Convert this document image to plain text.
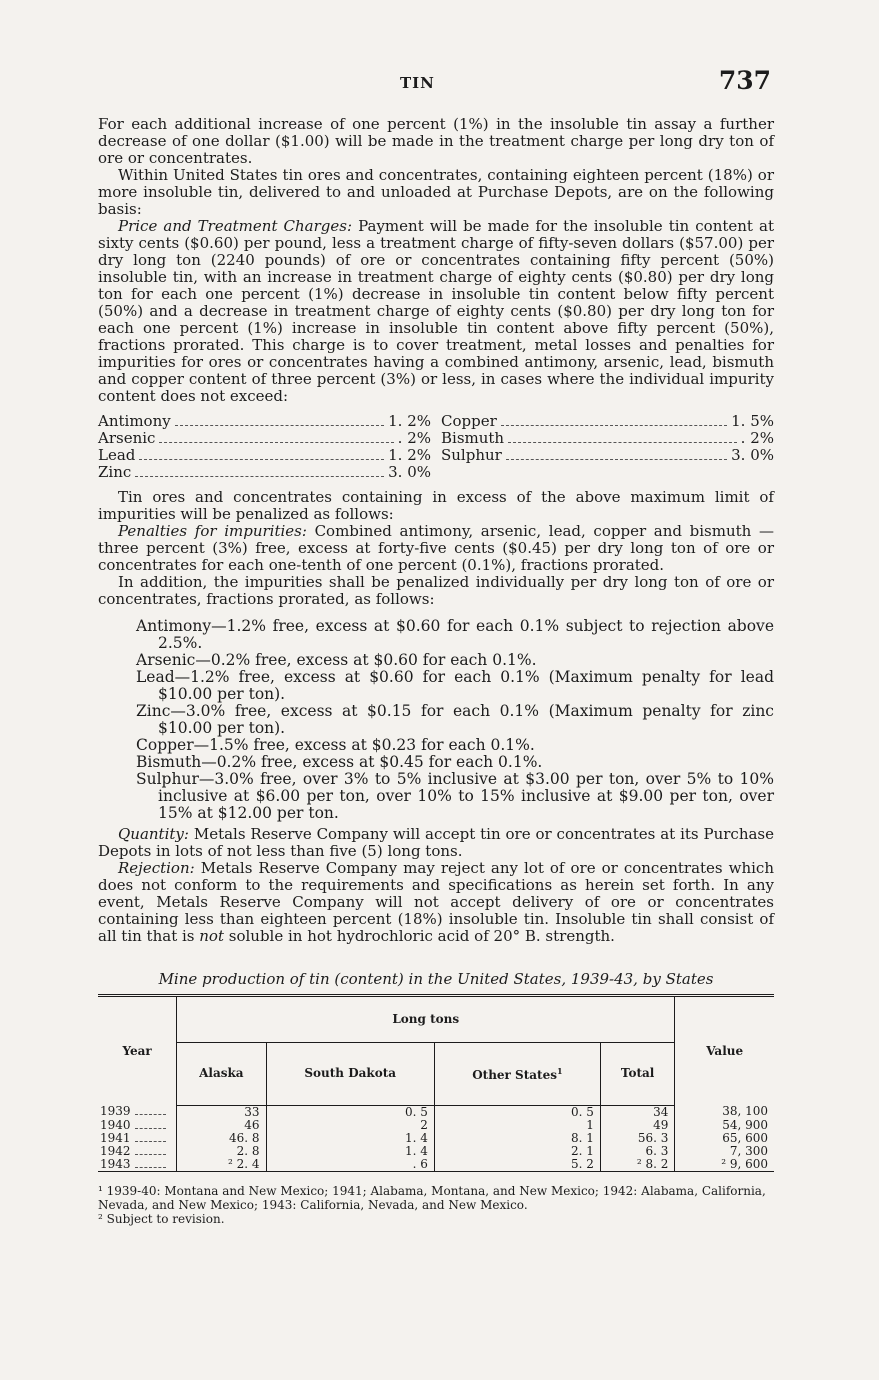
TIN	737

For each additional increase of one percent (1%) in the insoluble tin assay a further decrease of one dollar ($1.00) will be made in the treatment charge per long dry ton of ore or concentrates.

Within United States tin ores and concentrates, containing eighteen percent (18%) or more insoluble tin, delivered to and unloaded at Purchase Depots, are on the following basis:

Price and Treatment Charges: Payment will be made for the insoluble tin content at sixty cents ($0.60) per pound, less a treatment charge of fifty-seven dollars ($57.00) per dry long ton (2240 pounds) of ore or concentrates containing fifty percent (50%) insoluble tin, with an increase in treatment charge of eighty cents ($0.80) per dry long ton for each one percent (1%) decrease in insoluble tin content below fifty percent (50%) and a decrease in treatment charge of eighty cents ($0.80) per dry long ton for each one percent (1%) increase in insoluble tin content above fifty percent (50%), fractions prorated. This charge is to cover treatment, metal losses and penalties for impurities for ores or concentrates having a combined antimony, arsenic, lead, bismuth and copper content of three percent (3%) or less, in cases where the individual impurity content does not exceed:

Antimony	1. 2% Copper	1. 5%
Arsenic	. 2% Bismuth	. 2%
Lead	1. 2% Sulphur	3. 0%
Zinc	3. 0%

Tin ores and concentrates containing in excess of the above maximum limit of impurities will be penalized as follows:

Penalties for impurities: Combined antimony, arsenic, lead, copper and bismuth —three percent (3%) free, excess at forty-five cents ($0.45) per dry long ton of ore or concentrates for each one-tenth of one percent (0.1%), fractions prorated.

In addition, the impurities shall be penalized individually per dry long ton of ore or concentrates, fractions prorated, as follows:

Antimony—1.2% free, excess at $0.60 for each 0.1% subject to rejection above 2.5%.

Arsenic—0.2% free, excess at $0.60 for each 0.1%.

Lead—1.2% free, excess at $0.60 for each 0.1% (Maximum penalty for lead $10.00 per ton).

Zinc—3.0% free, excess at $0.15 for each 0.1% (Maximum penalty for zinc $10.00 per ton).

Copper—1.5% free, excess at $0.23 for each 0.1%.

Bismuth—0.2% free, excess at $0.45 for each 0.1%.

Sulphur—3.0% free, over 3% to 5% inclusive at $3.00 per ton, over 5% to 10% inclusive at $6.00 per ton, over 10% to 15% inclusive at $9.00 per ton, over 15% at $12.00 per ton.

Quantity: Metals Reserve Company will accept tin ore or concentrates at its Purchase Depots in lots of not less than five (5) long tons.

Rejection: Metals Reserve Company may reject any lot of ore or concentrates which does not conform to the requirements and specifications as herein set forth. In any event, Metals Reserve Company will not accept delivery of ore or concentrates containing less than eighteen percent (18%) insoluble tin. Insoluble tin shall consist of all tin that is not soluble in hot hydrochloric acid of 20° B. strength.

Mine production of tin (content) in the United States, 1939-43, by States
Year	Long tons				Value
	Alaska	South Dakota	Other States$^1$	Total	

1939	33	0. 5	0. 5	34	38, 100

1940	46	2	1	49	54, 900

1941	46. 8	1. 4	8. 1	56. 3	65, 600

1942	2. 8	1. 4	2. 1	6. 3	7, 300

1943	² 2. 4	. 6	5. 2	² 8. 2	² 9, 600

¹ 1939-40: Montana and New Mexico; 1941; Alabama, Montana, and New Mexico; 1942: Alabama, California, Nevada, and New Mexico; 1943: California, Nevada, and New Mexico.

² Subject to revision.
